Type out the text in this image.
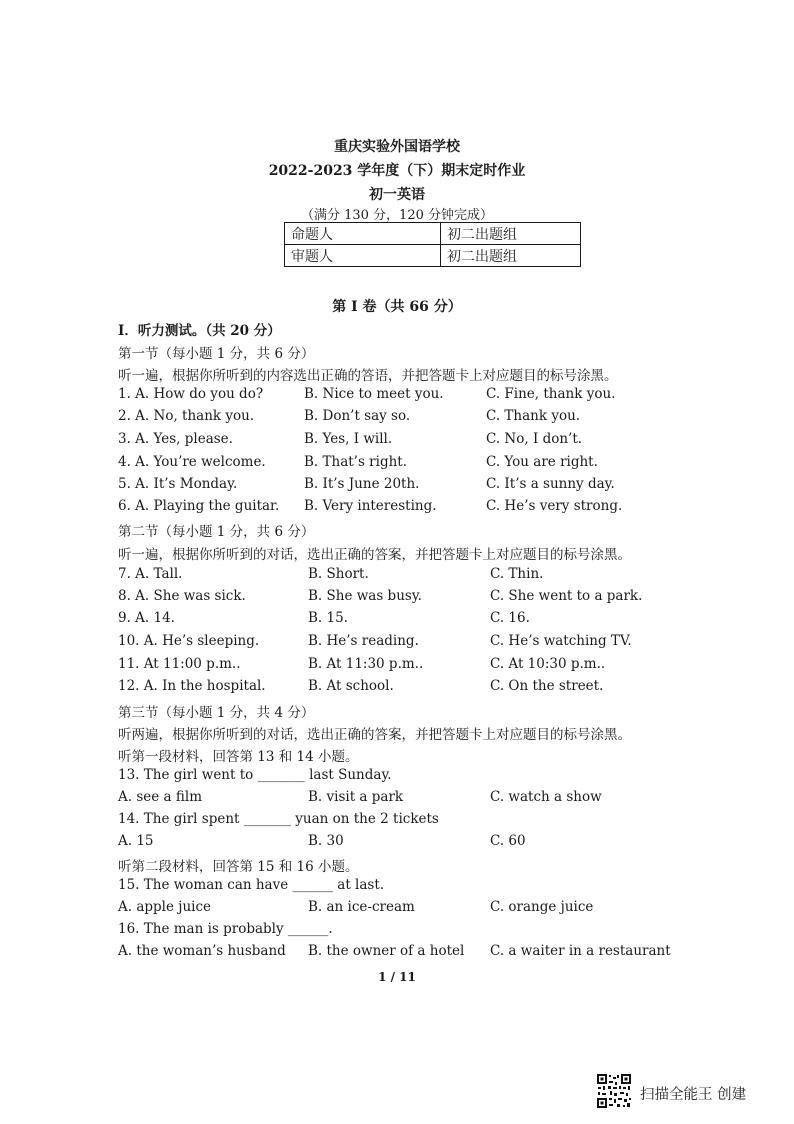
重庆实验外国语学校
2022-2023 学年度（下）期末定时作业
初一英语
（满分 130 分，120 分钟完成）
命题人	初二出题组
审题人	初二出题组
第 I 卷（共 66 分）
I．听力测试。（共 20 分）
第一节（每小题 1 分，共 6 分）
听一遍，根据你所听到的内容选出正确的答语，并把答题卡上对应题目的标号涂黑。
1. A. How do you do?	B. Nice to meet you.	C. Fine, thank you.
2. A. No, thank you.	B. Don’t say so.	C. Thank you.
3. A. Yes, please.	B. Yes, I will.	C. No, I don’t.
4. A. You’re welcome.	B. That’s right.	C. You are right.
5. A. It’s Monday.	B. It’s June 20th.	C. It’s a sunny day.
6. A. Playing the guitar. B. Very interesting.	C. He’s very strong.
第二节（每小题 1 分，共 6 分）
听一遍，根据你所听到的对话，选出正确的答案，并把答题卡上对应题目的标号涂黑。
7. A. Tall.	B. Short.	C. Thin.
8. A. She was sick.	B. She was busy.	C. She went to a park.
9. A. 14.	B. 15.	C. 16.
10. A. He’s sleeping.	B. He’s reading.	C. He’s watching TV.
11. At 11:00 p.m..	B. At 11:30 p.m..	C. At 10:30 p.m..
12. A. In the hospital.	B. At school.	C. On the street.
第三节（每小题 1 分，共 4 分）
听两遍，根据你所听到的对话，选出正确的答案，并把答题卡上对应题目的标号涂黑。
听第一段材料，回答第 13 和 14 小题。
13. The girl went to _______ last Sunday.
A. see a film	B. visit a park	C. watch a show
14. The girl spent _______ yuan on the 2 tickets
A. 15	B. 30	C. 60
听第二段材料，回答第 15 和 16 小题。
15. The woman can have ______ at last.
A. apple juice	B. an ice-cream	C. orange juice
16. The man is probably ______.
A. the woman’s husband B. the owner of a hotel C. a waiter in a restaurant
1 / 11
扫描全能王 创建
